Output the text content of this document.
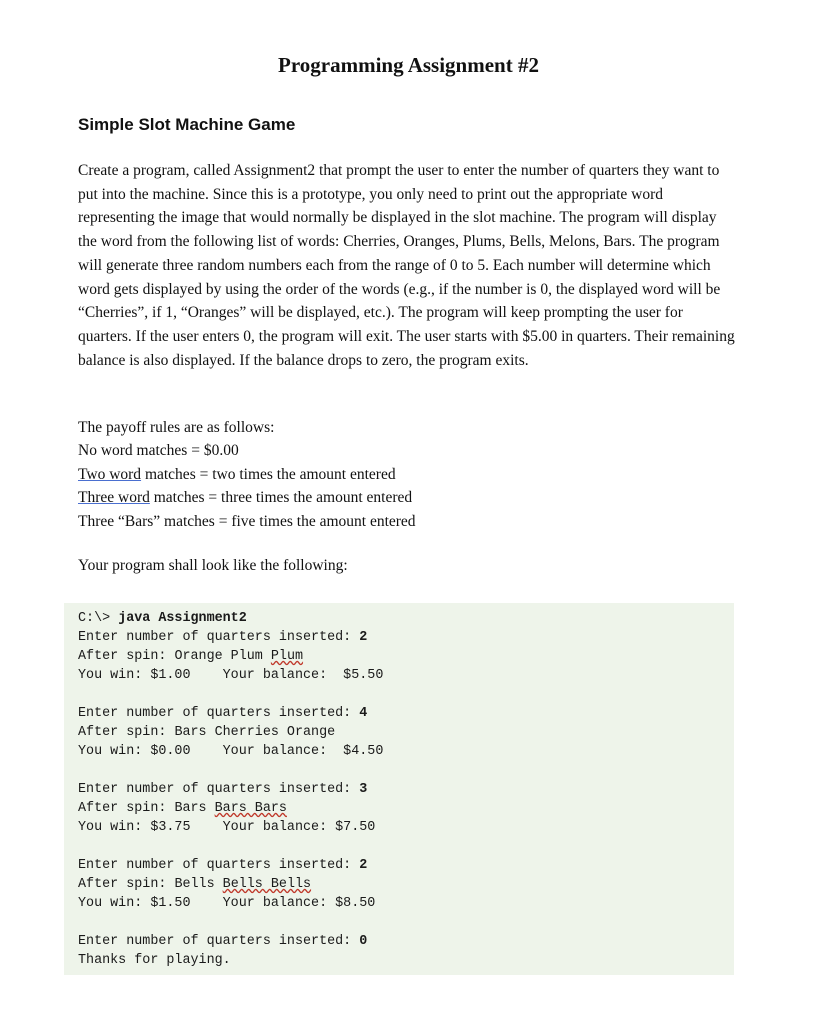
Programming Assignment #2
Simple Slot Machine Game

Create a program, called Assignment2 that prompt the user to enter the number of quarters they want to put into the machine. Since this is a prototype, you only need to print out the appropriate word representing the image that would normally be displayed in the slot machine. The program will display the word from the following list of words: Cherries, Oranges, Plums, Bells, Melons, Bars. The program will generate three random numbers each from the range of 0 to 5. Each number will determine which word gets displayed by using the order of the words (e.g., if the number is 0, the displayed word will be “Cherries”, if 1, “Oranges” will be displayed, etc.). The program will keep prompting the user for quarters. If the user enters 0, the program will exit. The user starts with $5.00 in quarters. Their remaining balance is also displayed. If the balance drops to zero, the program exits.

The payoff rules are as follows:
No word matches = $0.00
Two word matches = two times the amount entered
Three word matches = three times the amount entered
Three “Bars” matches = five times the amount entered
Your program shall look like the following:
C:\> java Assignment2
Enter number of quarters inserted: 2
After spin: Orange Plum Plum
You win: $1.00    Your balance:  $5.50
Enter number of quarters inserted: 4
After spin: Bars Cherries Orange
You win: $0.00    Your balance:  $4.50
Enter number of quarters inserted: 3
After spin: Bars Bars Bars
You win: $3.75    Your balance: $7.50
Enter number of quarters inserted: 2
After spin: Bells Bells Bells
You win: $1.50    Your balance: $8.50
Enter number of quarters inserted: 0
Thanks for playing.
